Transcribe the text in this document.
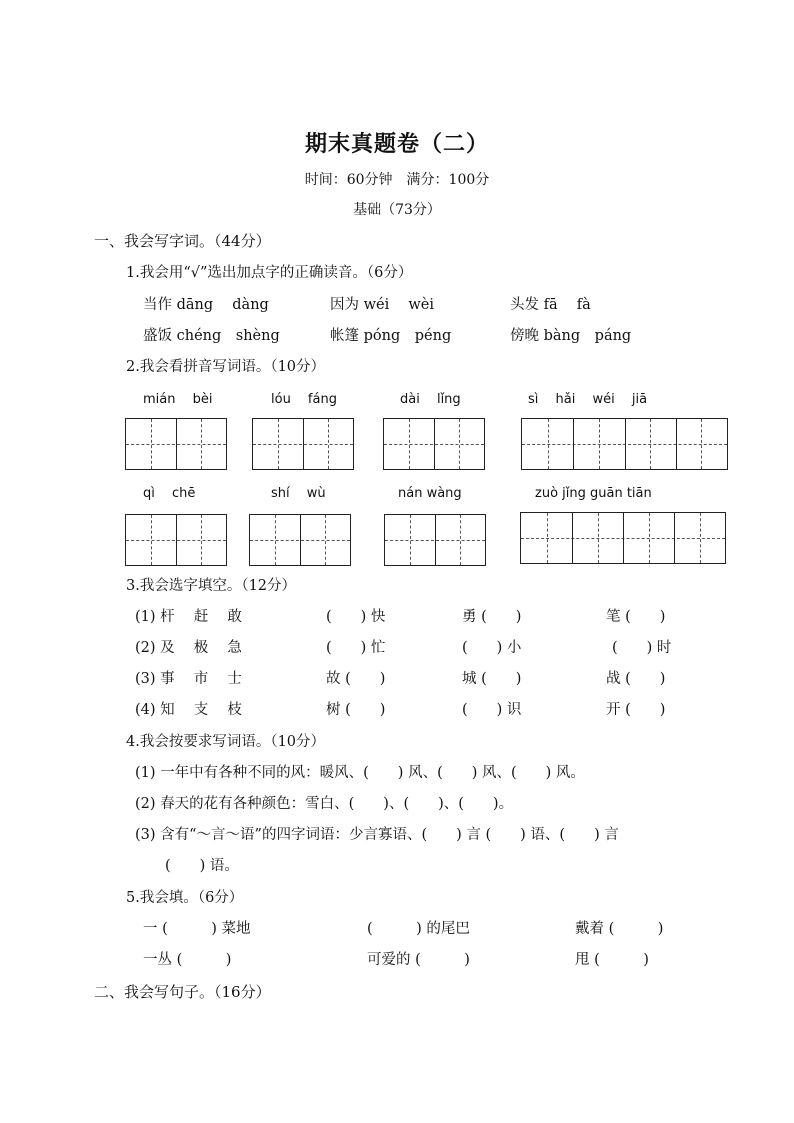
期末真题卷（二）
时间：60分钟　满分：100分
基础（73分）
一、我会写字词。（44分）
1.我会用“√”选出加点字的正确读音。（6分）
当作 dāng　 dàng	因为 wéi　 wèi	头发 fā　 fà
盛饭 chéng　shèng	帐篷 póng　péng	傍晚 bàng　páng
2.我会看拼音写词语。（10分）
mián　 bèi	lóu　 fáng	dài　 lǐng	sì　 hǎi　 wéi　 jiā
qì　 chē	shí　 wù	nán wàng	zuò jǐng guān tiān
3.我会选字填空。（12分）
(1) 杆　 赶　 敢	(　　) 快	勇 (　　)	笔 (　　)
(2) 及　 极　 急	(　　) 忙	(　　) 小	(　　) 时
(3) 事　 市　 士	故 (　　)	城 (　　)	战 (　　)
(4) 知　 支　 枝	树 (　　)	(　　) 识	开 (　　)
4.我会按要求写词语。（10分）
(1) 一年中有各种不同的风：暖风、(　　) 风、(　　) 风、(　　) 风。
(2) 春天的花有各种颜色：雪白、(　　)、(　　)、(　　)。
(3) 含有“～言～语”的四字词语：少言寡语、(　　) 言 (　　) 语、(　　) 言
(　　) 语。
5.我会填。（6分）
一 (　　　) 菜地	(　　　) 的尾巴	戴着 (　　　)
一丛 (　　　)	可爱的 (　　　)	甩 (　　　)
二、我会写句子。（16分）
